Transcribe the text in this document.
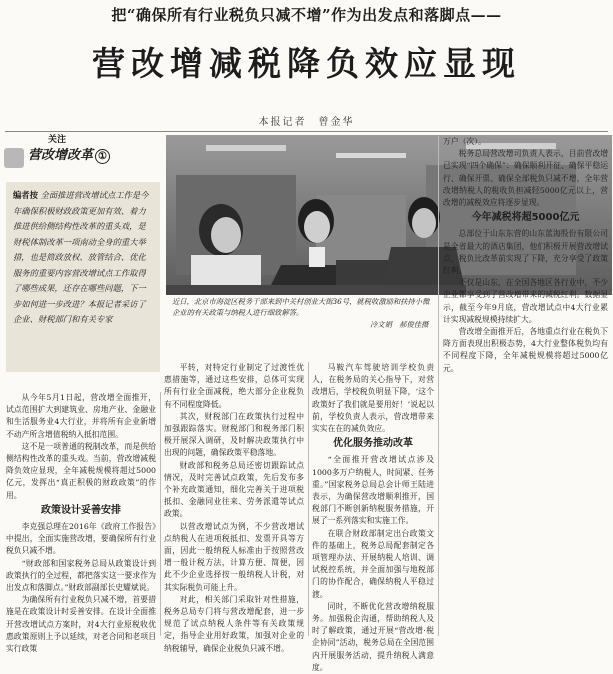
把“确保所有行业税负只减不增”作为出发点和落脚点——
营改增减税降负效应显现
本报记者　曾金华
关注
营改增改革 ①
编者按 全面推进营改增试点工作是今年确保积极财政政策更加有效、着力推进供给侧结构性改革的重头戏，是财税体制改革一项南动全身的重大举措，也是简政放权、放管结合、优化服务的重要内容营改增试点工作取得了哪些成果，还存在哪些问题，下一步如何进一步改进？本报记者采访了企业、财税部门和有关专家
近日，北京市海淀区税务干部来到中关村创业大街36号，就税收激励和扶持小微企业的有关政策与纳税人进行细致解答。
冷文娟　郝俊佳摄

万户（次）。

税务总局营改增司负责人表示，目前营改增已实现“四个确保”：确保顺利开征、确保平稳运行、确保开票、确保全部税负只减不增，全年营改增纳税人的税收负担减轻5000亿元以上，营改增的减税效应将逐步显现。

今年减税将超5000亿元

总部位于山东东营的山东蓝海股份有限公司是全省最大的酒店集团，他们积极开展营改增试点，税负比改革前实现了下降，充分享受了政策红利。

不仅是山东，在全国各地区各行业中，不少企业都享受到了营改增带来的减税红利。数据显示，截至今年9月底，营改增试点中4大行业累计实现减税规模持续扩大。

营改增全面推开后，各地重点行业在税负下降方面表现出积极态势，4大行业整体税负均有不同程度下降，全年减税规模将超过5000亿元。

从今年5月1日起，营改增全面推开，试点范围扩大到建筑业、房地产业、金融业和生活服务业4大行业，并将所有企业新增不动产所含增值税纳入抵扣范围。

这不是一项普通的税制改革，而是供给侧结构性改革的重头戏。当前，营改增减税降负效应显现，全年减税规模将超过5000亿元，发挥出“真正积极的财政政策”的作用。

政策设计妥善安排

李克强总理在2016年《政府工作报告》中提出，全面实施营改增，要确保所有行业税负只减不增。

“财政部和国家税务总局从政策设计到政策执行的全过程，都把落实这一要求作为出发点和落脚点。”财政部副部长史耀斌说。

为确保所有行业税负只减不增，首要措施是在政策设计时妥善安排。在设计全面推开营改增试点方案时，对4大行业原税收优惠政策原则上予以延续，对老合同和老项目实行政策

平转，对特定行业制定了过渡性优惠措施等，通过这些安排，总体可实现所有行业全面减税，绝大部分企业税负有不同程度降低。

其次，财税部门在政策执行过程中加强跟踪落实。财税部门和税务部门积极开展深入调研，及时解决政策执行中出现的问题，确保政策平稳落地。

财政部和税务总局还密切跟踪试点情况，及时完善试点政策，先后发布多个补充政策通知，细化完善关于进项税抵扣、金融同业往来、劳务派遣等试点政策。

以营改增试点为例，不少营改增试点纳税人在进项税抵扣、发票开具等方面，因此一般纳税人标准由于按照营改增一般计税方法，计算方便、简便，因此不少企业选择按一般纳税人计税，对其实际税负可能上升。

对此，相关部门采取针对性措施，税务总局专门将与营改增配套，进一步规范了试点纳税人条件等有关政策规定，指导企业用好政策，加强对企业的纳税辅导，确保企业税负只减不增。

马鞍汽车驾驶培训学校负责人，在税务局的关心指导下，对营改增后，学校税负明显下降，‘这个政策好了我们就是要用好！’说起以前，学校负责人表示，营改增带来实实在在的减负效应。

优化服务推动改革

“全面推开营改增试点涉及1000多万户纳税人，时间紧、任务重。”国家税务总局总会计师王陆进表示，为确保营改增顺利推开，国税部门不断创新纳税服务措施，开展了一系列落实和实施工作。

在联合财政部制定出台政策文件的基础上，税务总局配套制定各项管理办法、开展纳税人培训、调试税控系统，并全面加强与地税部门的协作配合，确保纳税人平稳过渡。

同时，不断优化营改增纳税服务。加强税企沟通，帮助纳税人及时了解政策，通过开展“营改增·税企协同”活动，税务总局在全国范围内开展服务活动，提升纳税人满意度。
